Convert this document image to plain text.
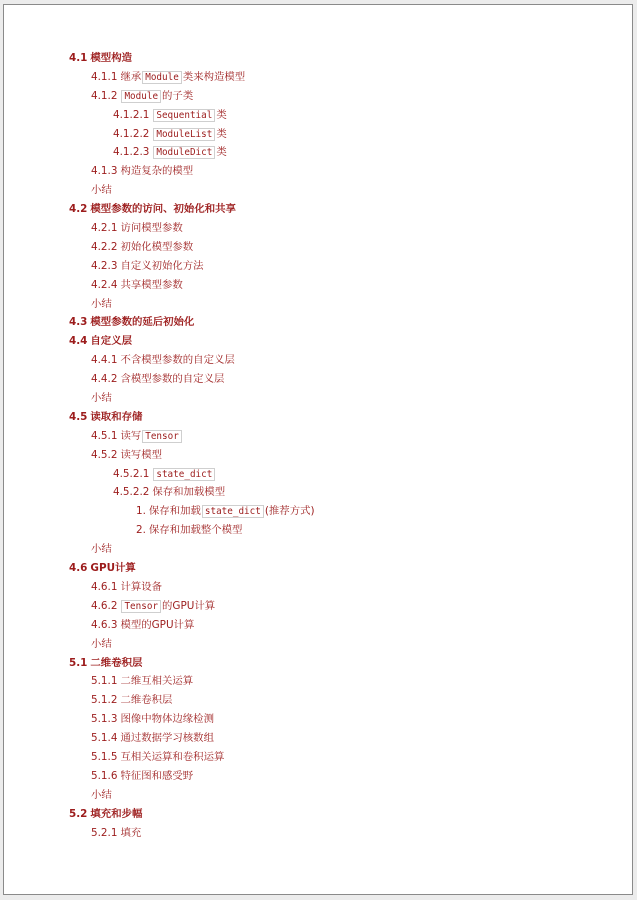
4.1 模型构造
4.1.1 继承 Module 类来构造模型
4.1.2 Module 的子类
4.1.2.1 Sequential 类
4.1.2.2 ModuleList 类
4.1.2.3 ModuleDict 类
4.1.3 构造复杂的模型
小结
4.2 模型参数的访问、初始化和共享
4.2.1 访问模型参数
4.2.2 初始化模型参数
4.2.3 自定义初始化方法
4.2.4 共享模型参数
小结
4.3 模型参数的延后初始化
4.4 自定义层
4.4.1 不含模型参数的自定义层
4.4.2 含模型参数的自定义层
小结
4.5 读取和存储
4.5.1 读写 Tensor
4.5.2 读写模型
4.5.2.1 state_dict
4.5.2.2 保存和加载模型
1. 保存和加载 state_dict (推荐方式)
2. 保存和加载整个模型
小结
4.6 GPU计算
4.6.1 计算设备
4.6.2 Tensor 的GPU计算
4.6.3 模型的GPU计算
小结
5.1 二维卷积层
5.1.1 二维互相关运算
5.1.2 二维卷积层
5.1.3 图像中物体边缘检测
5.1.4 通过数据学习核数组
5.1.5 互相关运算和卷积运算
5.1.6 特征图和感受野
小结
5.2 填充和步幅
5.2.1 填充
